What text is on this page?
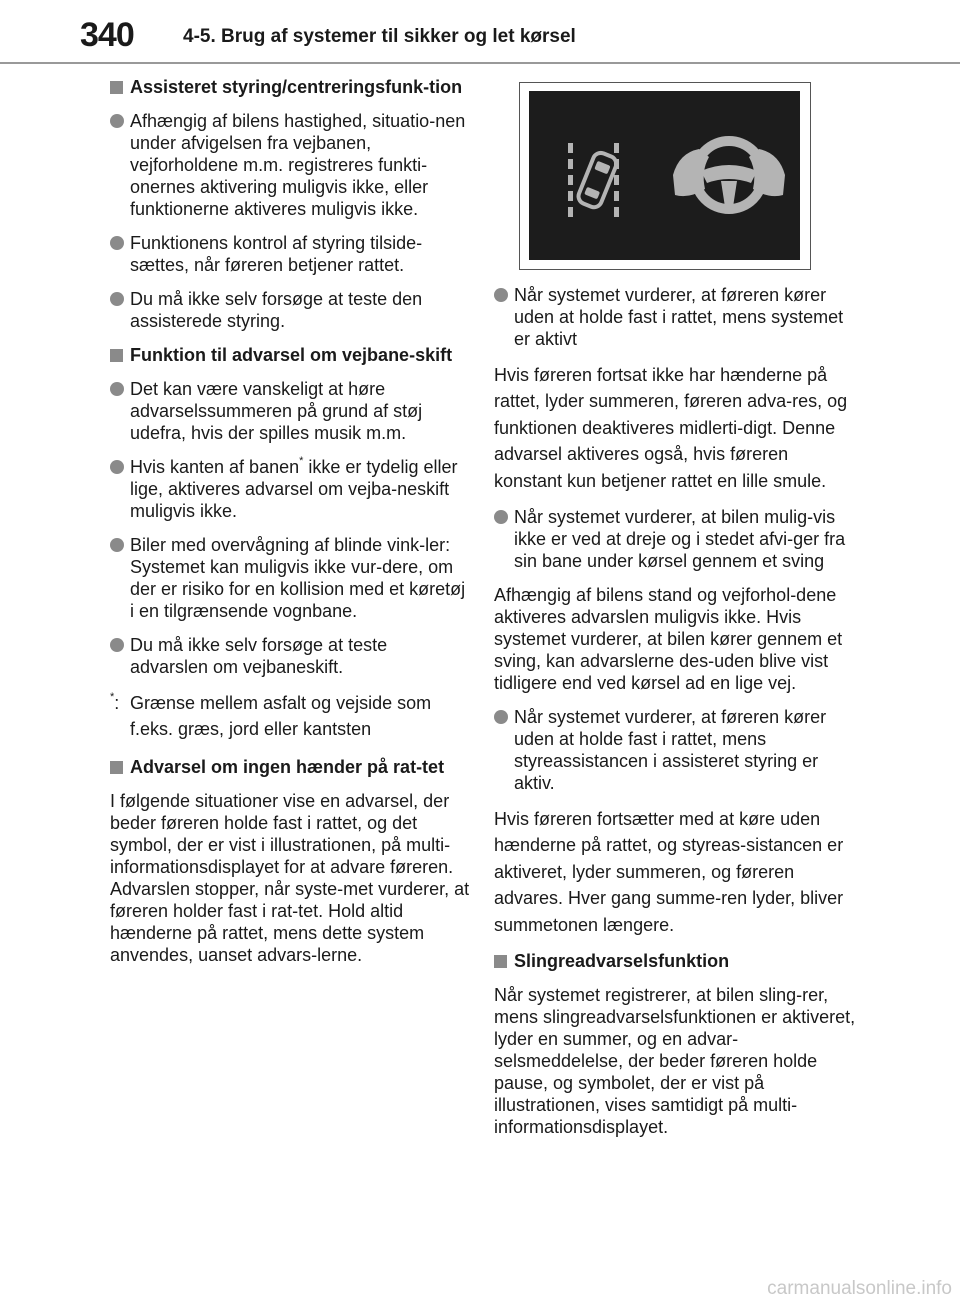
340	4-5. Brug af systemer til sikker og let kørsel
Assisteret styring/centreringsfunk-tion
Afhængig af bilens hastighed, situatio-nen under afvigelsen fra vejbanen, vejforholdene m.m. registreres funkti-onernes aktivering muligvis ikke, eller funktionerne aktiveres muligvis ikke.
Funktionens kontrol af styring tilside-sættes, når føreren betjener rattet.
Du må ikke selv forsøge at teste den assisterede styring.
Funktion til advarsel om vejbane-skift
Det kan være vanskeligt at høre advarselssummeren på grund af støj udefra, hvis der spilles musik m.m.
Hvis kanten af banen* ikke er tydelig eller lige, aktiveres advarsel om vejba-neskift muligvis ikke.
Biler med overvågning af blinde vink-ler: Systemet kan muligvis ikke vur-dere, om der er risiko for en kollision med et køretøj i en tilgrænsende vognbane.
Du må ikke selv forsøge at teste advarslen om vejbaneskift.
*: Grænse mellem asfalt og vejside som f.eks. græs, jord eller kantsten
Advarsel om ingen hænder på rat-tet
I følgende situationer vise en advarsel, der beder føreren holde fast i rattet, og det symbol, der er vist i illustrationen, på multi-informationsdisplayet for at advare føreren. Advarslen stopper, når syste-met vurderer, at føreren holder fast i rat-tet. Hold altid hænderne på rattet, mens dette system anvendes, uanset advars-lerne.
Når systemet vurderer, at føreren kører uden at holde fast i rattet, mens systemet er aktivt
Hvis føreren fortsat ikke har hænderne på rattet, lyder summeren, føreren adva-res, og funktionen deaktiveres midlerti-digt. Denne advarsel aktiveres også, hvis føreren konstant kun betjener rattet en lille smule.
Når systemet vurderer, at bilen mulig-vis ikke er ved at dreje og i stedet afvi-ger fra sin bane under kørsel gennem et sving
Afhængig af bilens stand og vejforhol-dene aktiveres advarslen muligvis ikke. Hvis systemet vurderer, at bilen kører gennem et sving, kan advarslerne des-uden blive vist tidligere end ved kørsel ad en lige vej.
Når systemet vurderer, at føreren kører uden at holde fast i rattet, mens styreassistancen i assisteret styring er aktiv.
Hvis føreren fortsætter med at køre uden hænderne på rattet, og styreas-sistancen er aktiveret, lyder summeren, og føreren advares. Hver gang summe-ren lyder, bliver summetonen længere.
Slingreadvarselsfunktion
Når systemet registrerer, at bilen sling-rer, mens slingreadvarselsfunktionen er aktiveret, lyder en summer, og en advar-selsmeddelelse, der beder føreren holde pause, og symbolet, der er vist på illustrationen, vises samtidigt på multi-informationsdisplayet.
carmanualsonline.info
